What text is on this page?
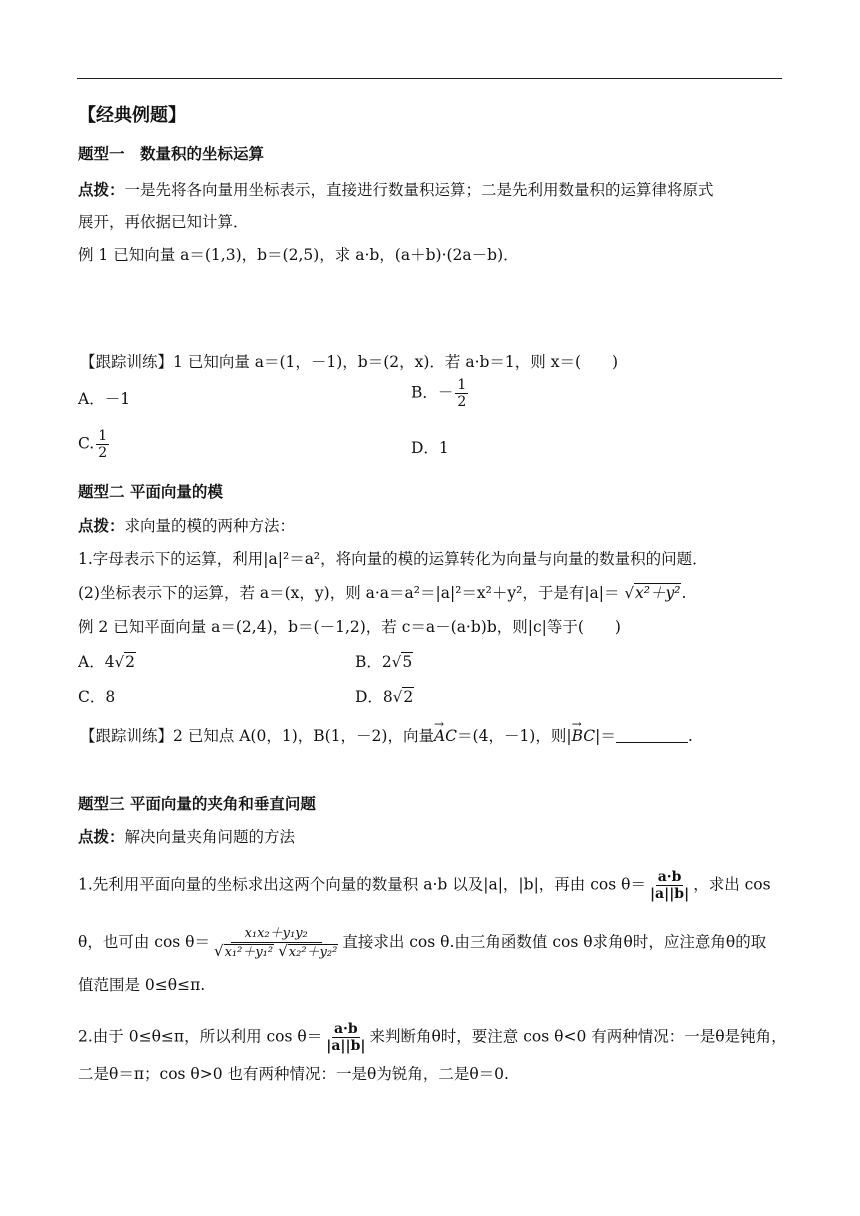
【经典例题】
题型一　数量积的坐标运算
点拨：一是先将各向量用坐标表示，直接进行数量积运算；二是先利用数量积的运算律将原式
展开，再依据已知计算．
例 1 已知向量 a＝(1,3)，b＝(2,5)，求 a·b，(a＋b)·(2a－b)．
【跟踪训练】1 已知向量 a＝(1，－1)，b＝(2，x)．若 a·b＝1，则 x＝(　　)
A．－1	B．－ $\frac{1}{2}$
C. $\frac{1}{2}$	D．1
题型二 平面向量的模
点拨：求向量的模的两种方法：
1.字母表示下的运算，利用|a|²＝a²，将向量的模的运算转化为向量与向量的数量积的问题．
(2)坐标表示下的运算，若 a＝(x，y)，则 a·a＝a²＝|a|²＝x²＋y²，于是有|a|＝ √x²＋y².
例 2 已知平面向量 a＝(2,4)，b＝(－1,2)，若 c＝a－(a·b)b，则|c|等于(　　)
A．4√2	B．2√5
C．8	D．8√2
【跟踪训练】2 已知点 A(0，1)，B(1，－2)，向量→ AC＝(4，－1)，则|→ BC|＝	.
题型三 平面向量的夹角和垂直问题
点拨：解决向量夹角问题的方法
1.先利用平面向量的坐标求出这两个向量的数量积 a·b 以及|a|，|b|，再由 $\cos \theta= \frac{a\cdot b}{|a||b|}$ ，求出 cos
θ，也可由 $\cos \theta= \frac{\text{x₁x₂＋y₁y₂}}{\text{√x₁²＋y₁² √x₂²＋y₂²}}$ 直接求出 cos θ.由三角函数值 cos θ求角θ时，应注意角θ的取
值范围是 0≤θ≤π.
2.由于 0≤θ≤π，所以利用 $\cos \theta= \frac{a\cdot b}{|a||b|}$ 来判断角θ时，要注意 cos θ<0 有两种情况：一是θ是钝角，
二是θ＝π；cos θ>0 也有两种情况：一是θ为锐角，二是θ＝0.
